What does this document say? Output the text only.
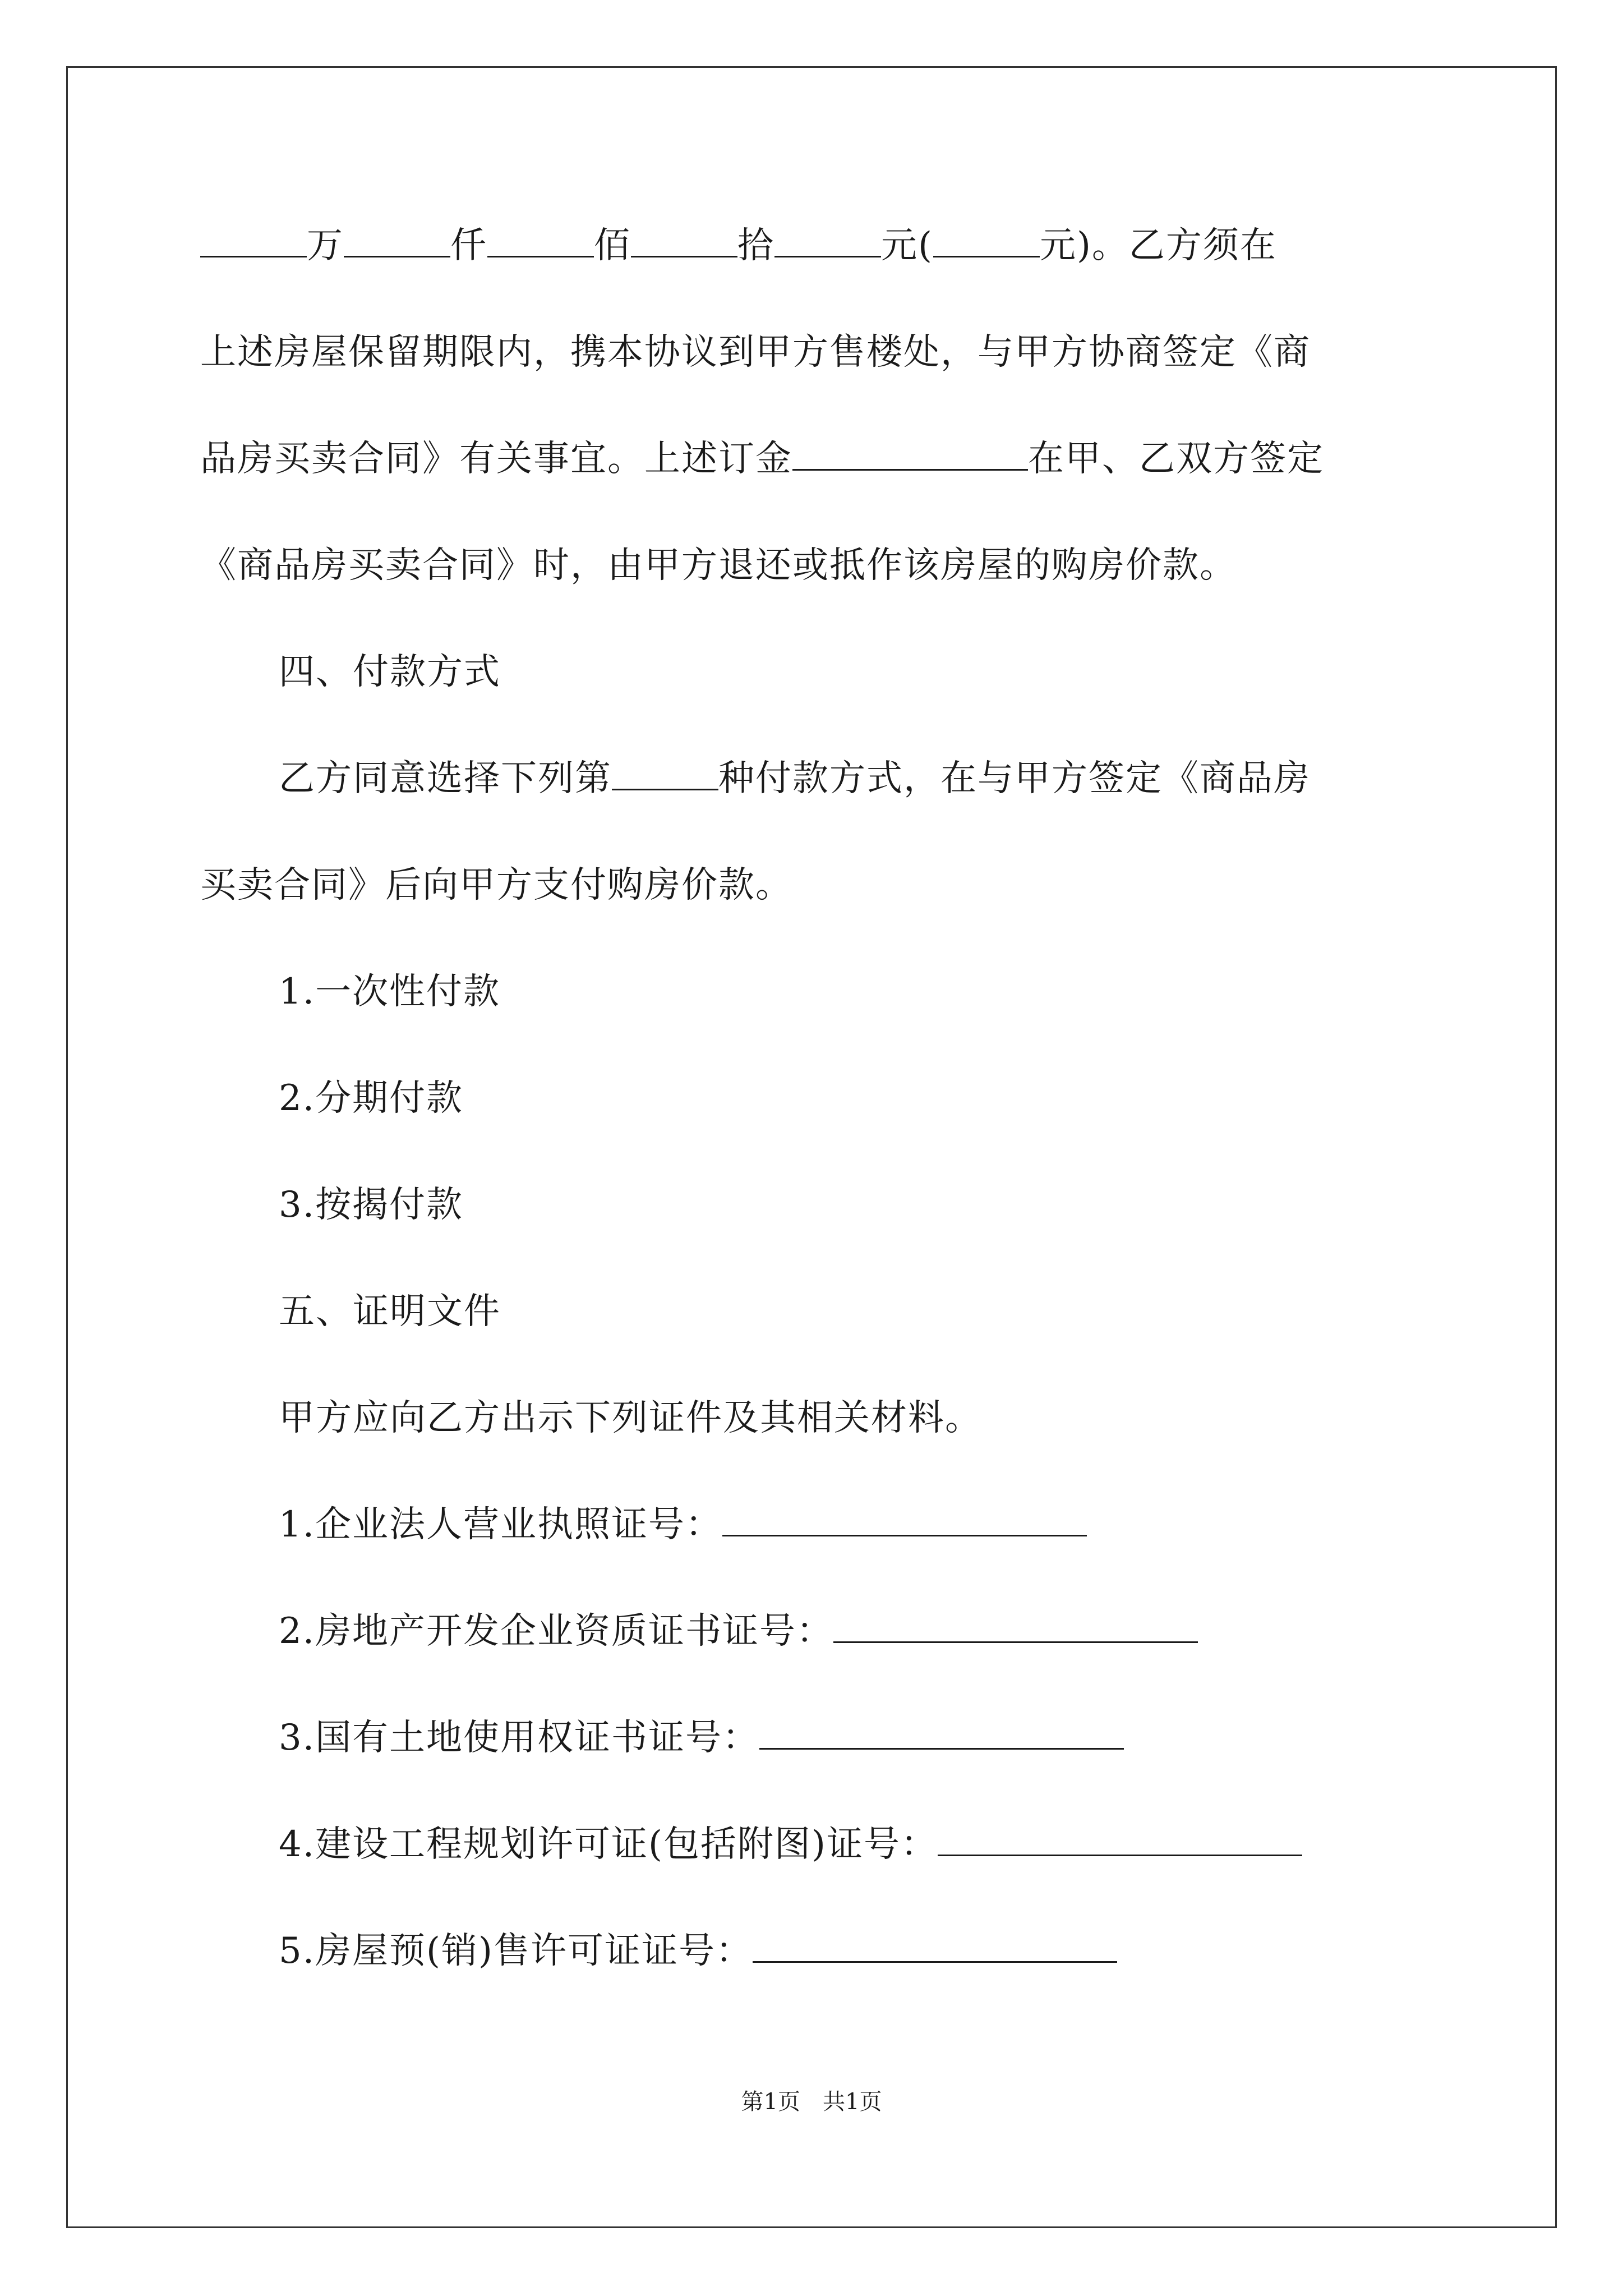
万	仟	佰	拾	元(	元)。乙方须在
上述房屋保留期限内，携本协议到甲方售楼处，与甲方协商签定《商
品房买卖合同》有关事宜。上述订金	在甲、乙双方签定
《商品房买卖合同》时，由甲方退还或抵作该房屋的购房价款。
四、付款方式
乙方同意选择下列第	种付款方式，在与甲方签定《商品房
买卖合同》后向甲方支付购房价款。
1.一次性付款
2.分期付款
3.按揭付款
五、证明文件
甲方应向乙方出示下列证件及其相关材料。
1.企业法人营业执照证号：
2.房地产开发企业资质证书证号：
3.国有土地使用权证书证号：
4.建设工程规划许可证(包括附图)证号：
5.房屋预(销)售许可证证号：
第1页　共1页
